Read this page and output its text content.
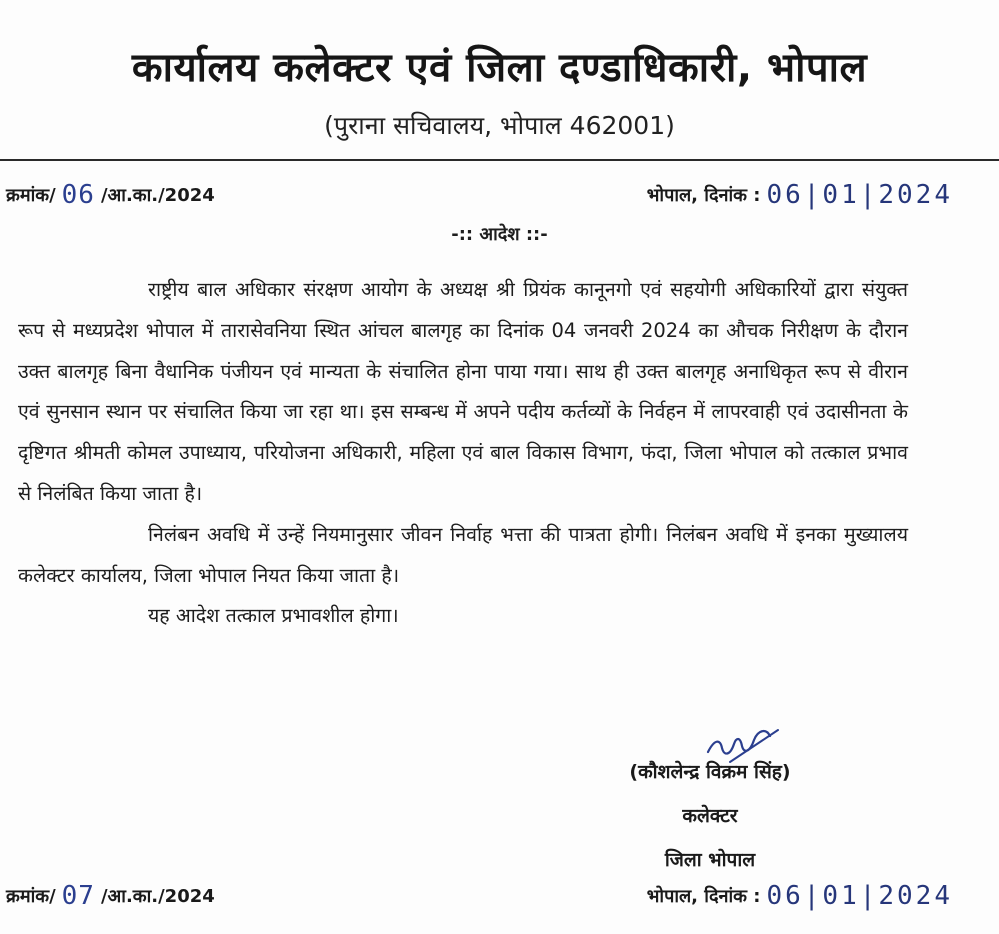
कार्यालय कलेक्टर एवं जिला दण्डाधिकारी, भोपाल
(पुराना सचिवालय, भोपाल 462001)
क्रमांक/ 06 /आ.का./2024	भोपाल, दिनांक : 06|01|2024
-:: आदेश ::-

राष्ट्रीय बाल अधिकार संरक्षण आयोग के अध्यक्ष श्री प्रियंक कानूनगो एवं सहयोगी अधिकारियों द्वारा संयुक्त रूप से मध्यप्रदेश भोपाल में तारासेवनिया स्थित आंचल बालगृह का दिनांक 04 जनवरी 2024 का औचक निरीक्षण के दौरान उक्त बालगृह बिना वैधानिक पंजीयन एवं मान्यता के संचालित होना पाया गया। साथ ही उक्त बालगृह अनाधिकृत रूप से वीरान एवं सुनसान स्थान पर संचालित किया जा रहा था। इस सम्बन्ध में अपने पदीय कर्तव्यों के निर्वहन में लापरवाही एवं उदासीनता के दृष्टिगत श्रीमती कोमल उपाध्याय, परियोजना अधिकारी, महिला एवं बाल विकास विभाग, फंदा, जिला भोपाल को तत्काल प्रभाव से निलंबित किया जाता है।

निलंबन अवधि में उन्हें नियमानुसार जीवन निर्वाह भत्ता की पात्रता होगी। निलंबन अवधि में इनका मुख्यालय कलेक्टर कार्यालय, जिला भोपाल नियत किया जाता है।

यह आदेश तत्काल प्रभावशील होगा।

(कौशलेन्द्र विक्रम सिंह)
कलेक्टर
जिला भोपाल
क्रमांक/ 07 /आ.का./2024	भोपाल, दिनांक : 06|01|2024
